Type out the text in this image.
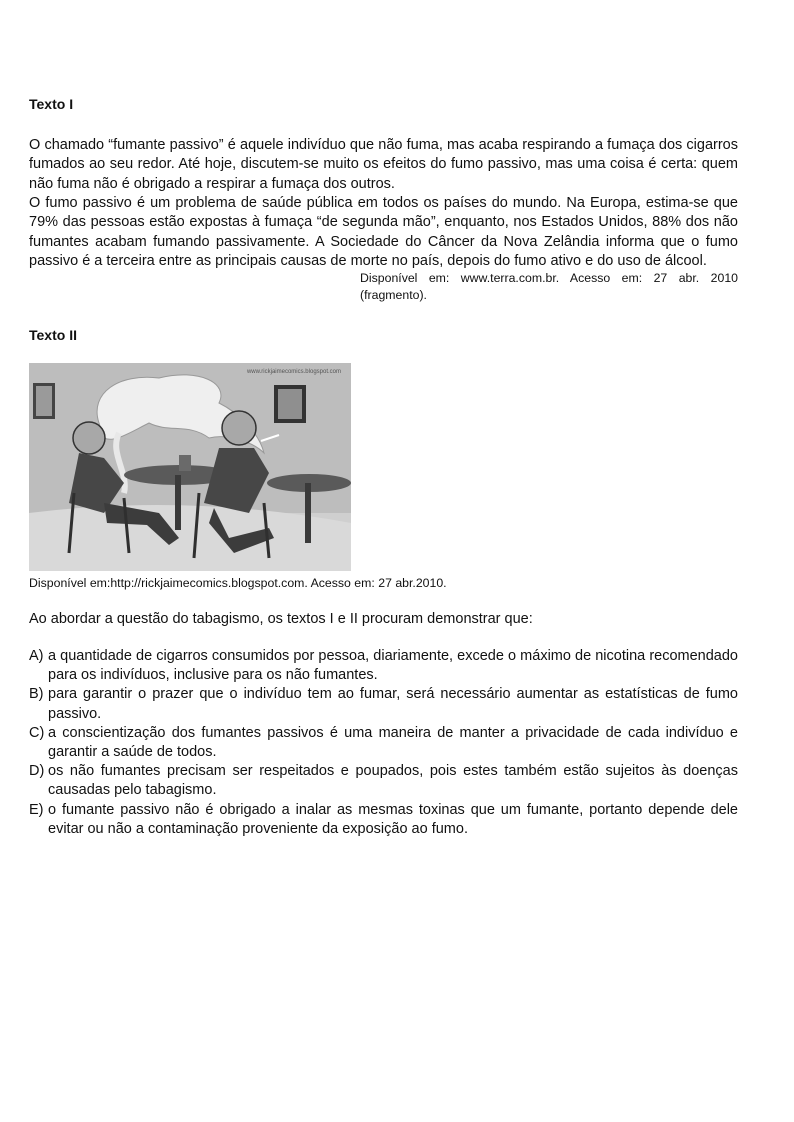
Texto I

O chamado “fumante passivo” é aquele indivíduo que não fuma, mas acaba respirando a fumaça dos cigarros fumados ao seu redor. Até hoje, discutem-se muito os efeitos do fumo passivo, mas uma coisa é certa: quem não fuma não é obrigado a respirar a fumaça dos outros.

O fumo passivo é um problema de saúde pública em todos os países do mundo. Na Europa, estima-se que 79% das pessoas estão expostas à fumaça “de segunda mão”, enquanto, nos Estados Unidos, 88% dos não fumantes acabam fumando passivamente. A Sociedade do Câncer da Nova Zelândia informa que o fumo passivo é a terceira entre as principais causas de morte no país, depois do fumo ativo e do uso de álcool.

Disponível em: www.terra.com.br. Acesso em: 27 abr. 2010 (fragmento).

Texto II
www.rickjaimecomics.blogspot.com
Disponível em:http://rickjaimecomics.blogspot.com. Acesso em: 27 abr.2010.
Ao abordar a questão do tabagismo, os textos I e II procuram demonstrar que:
A) a quantidade de cigarros consumidos por pessoa, diariamente, excede o máximo de nicotina recomendado para os indivíduos, inclusive para os não fumantes.
B) para garantir o prazer que o indivíduo tem ao fumar, será necessário aumentar as estatísticas de fumo passivo.
C) a conscientização dos fumantes passivos é uma maneira de manter a privacidade de cada indivíduo e garantir a saúde de todos.
D) os não fumantes precisam ser respeitados e poupados, pois estes também estão sujeitos às doenças causadas pelo tabagismo.
E) o fumante passivo não é obrigado a inalar as mesmas toxinas que um fumante, portanto depende dele evitar ou não a contaminação proveniente da exposição ao fumo.
